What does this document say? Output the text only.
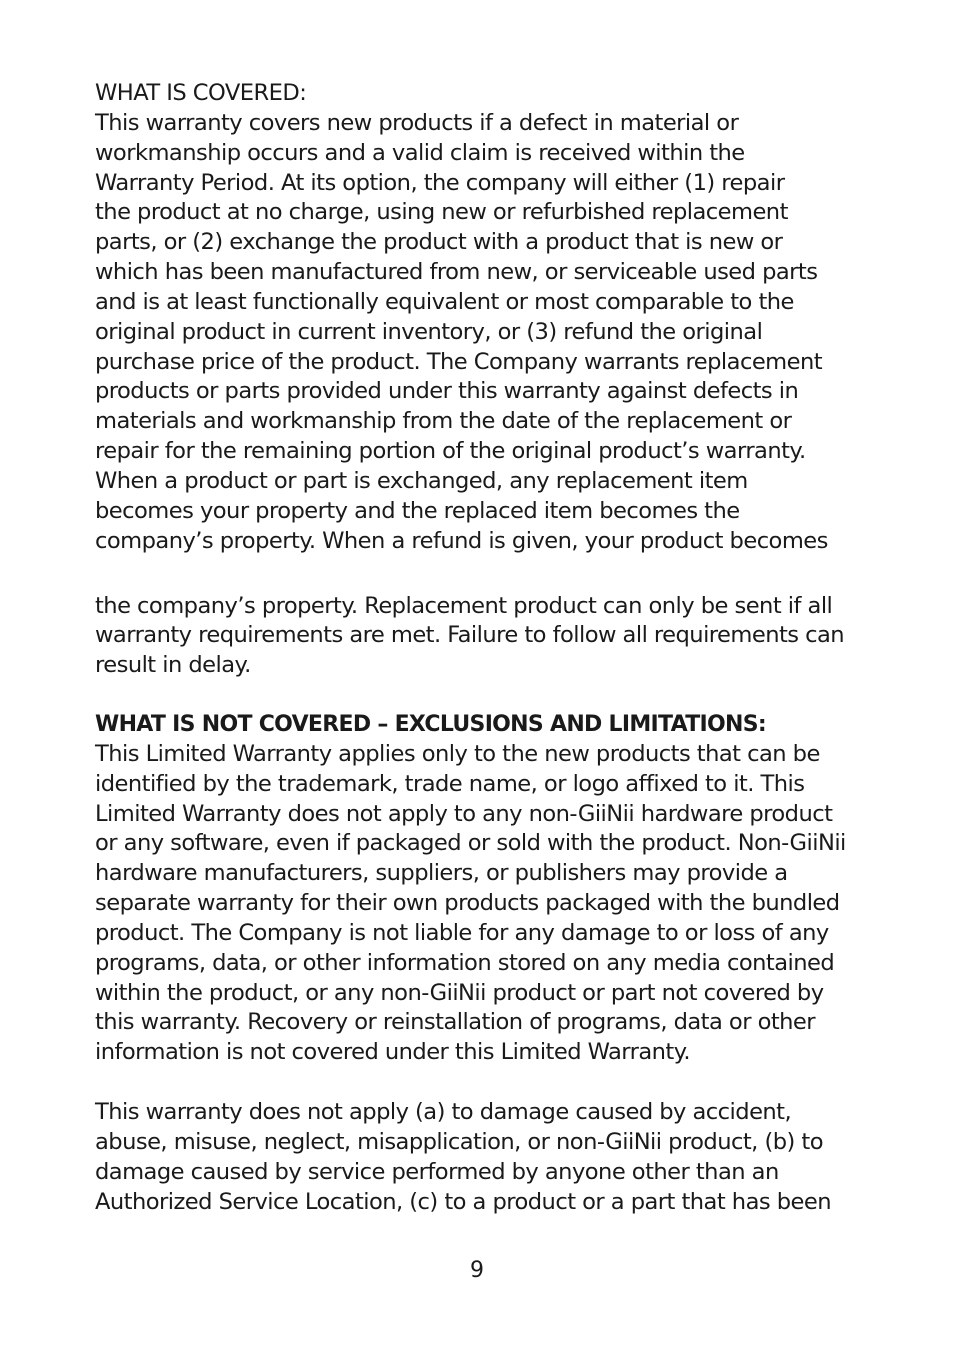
WHAT IS COVERED:
This warranty covers new products if a defect in material or
workmanship occurs and a valid claim is received within the
Warranty Period. At its option, the company will either (1) repair
the product at no charge, using new or refurbished replacement
parts, or (2) exchange the product with a product that is new or
which has been manufactured from new, or serviceable used parts
and is at least functionally equivalent or most comparable to the
original product in current inventory, or (3) refund the original
purchase price of the product. The Company warrants replacement
products or parts provided under this warranty against defects in
materials and workmanship from the date of the replacement or
repair for the remaining portion of the original product’s warranty.
When a product or part is exchanged, any replacement item
becomes your property and the replaced item becomes the
company’s property. When a refund is given, your product becomes
the company’s property. Replacement product can only be sent if all
warranty requirements are met. Failure to follow all requirements can
result in delay.
WHAT IS NOT COVERED – EXCLUSIONS AND LIMITATIONS:
This Limited Warranty applies only to the new products that can be
identified by the trademark, trade name, or logo affixed to it. This
Limited Warranty does not apply to any non-GiiNii hardware product
or any software, even if packaged or sold with the product. Non-GiiNii
hardware manufacturers, suppliers, or publishers may provide a
separate warranty for their own products packaged with the bundled
product. The Company is not liable for any damage to or loss of any
programs, data, or other information stored on any media contained
within the product, or any non-GiiNii product or part not covered by
this warranty. Recovery or reinstallation of programs, data or other
information is not covered under this Limited Warranty.
This warranty does not apply (a) to damage caused by accident,
abuse, misuse, neglect, misapplication, or non-GiiNii product, (b) to
damage caused by service performed by anyone other than an
Authorized Service Location, (c) to a product or a part that has been
9
